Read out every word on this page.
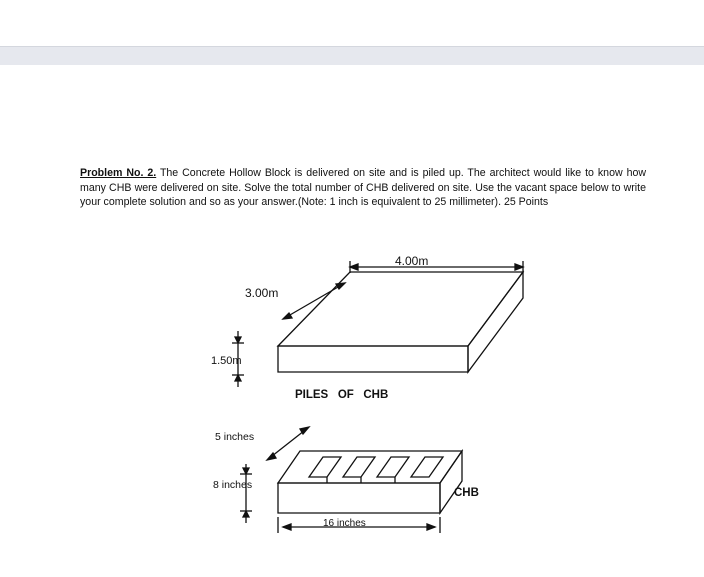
Problem No. 2. The Concrete Hollow Block is delivered on site and is piled up. The architect would like to know how many CHB were delivered on site. Solve the total number of CHB delivered on site. Use the vacant space below to write your complete solution and so as your answer.(Note: 1 inch is equivalent to 25 millimeter). 25 Points
4.00m
3.00m
1.50m
PILES   OF   CHB
5 inches
8 inches
16 inches
CHB
